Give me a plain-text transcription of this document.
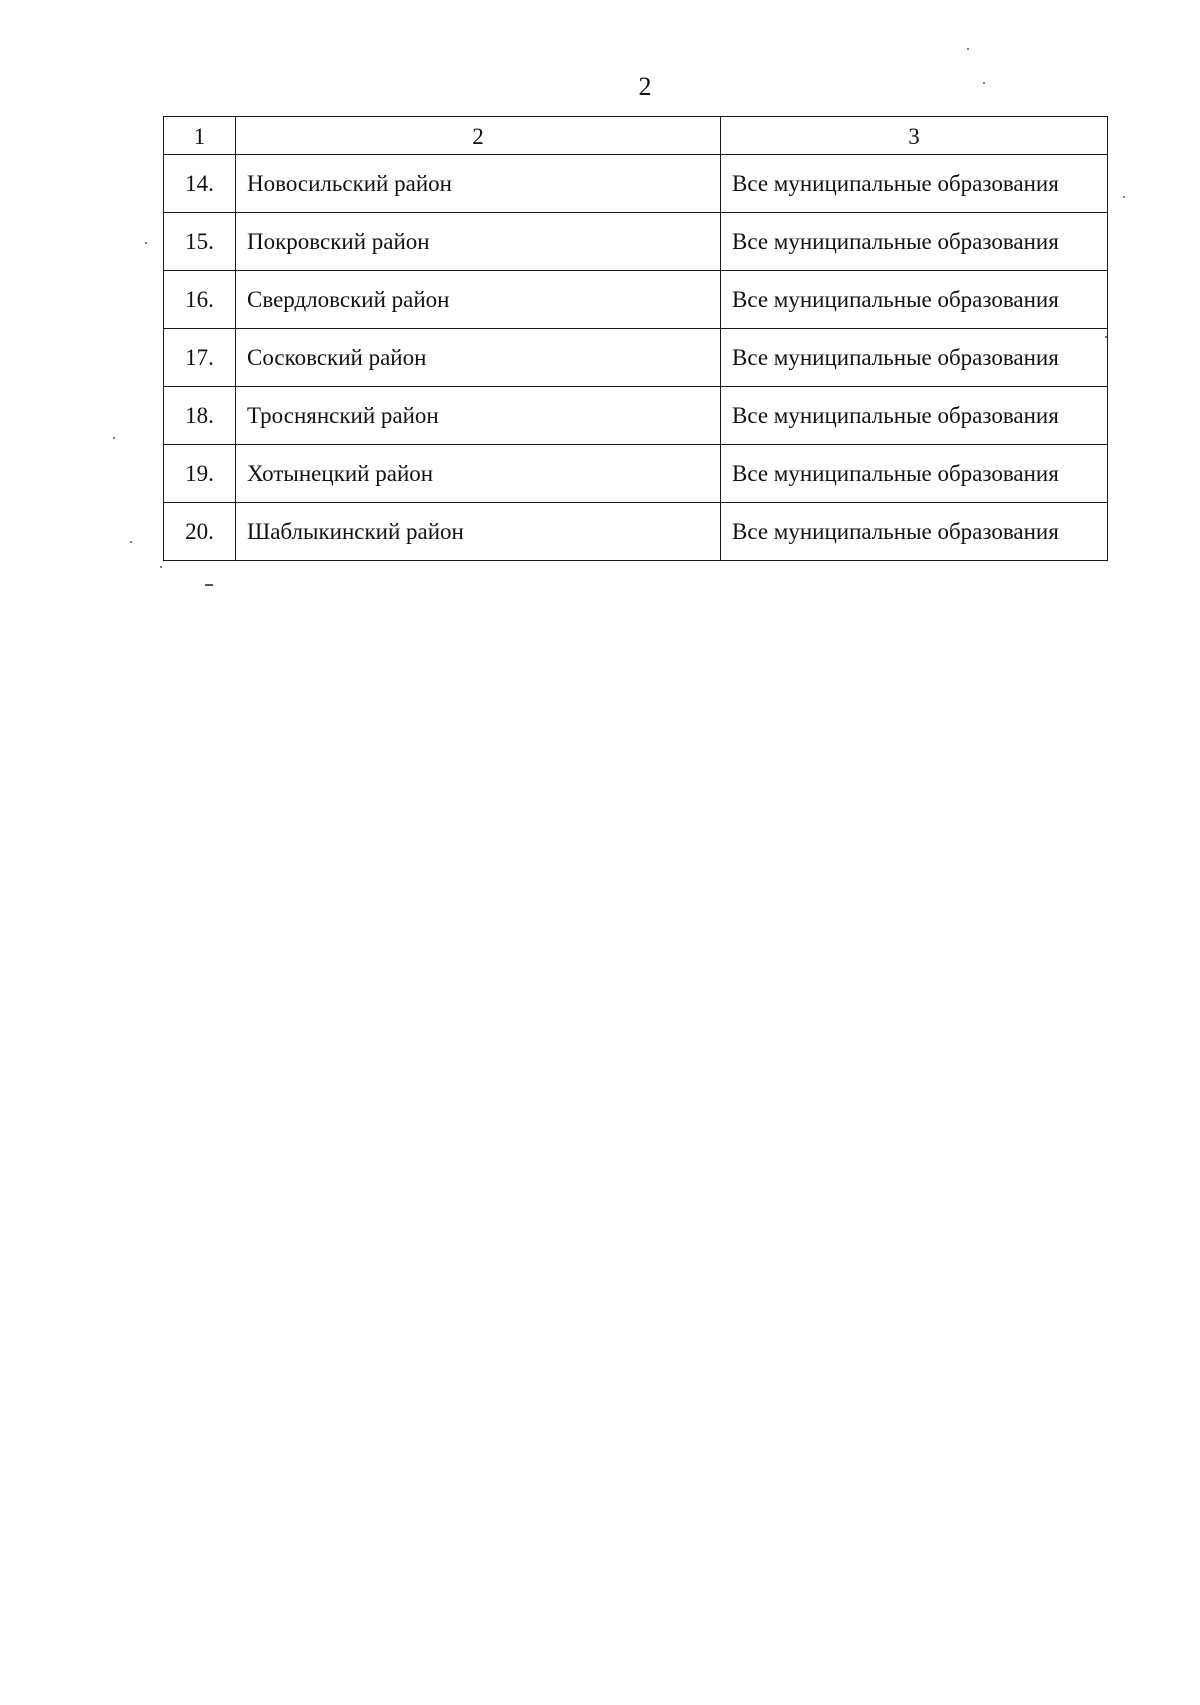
2
1	2	3
14.	Новосильский район	Все муниципальные образования
15.	Покровский район	Все муниципальные образования
16.	Свердловский район	Все муниципальные образования
17.	Сосковский район	Все муниципальные образования
18.	Троснянский район	Все муниципальные образования
19.	Хотынецкий район	Все муниципальные образования
20.	Шаблыкинский район	Все муниципальные образования
